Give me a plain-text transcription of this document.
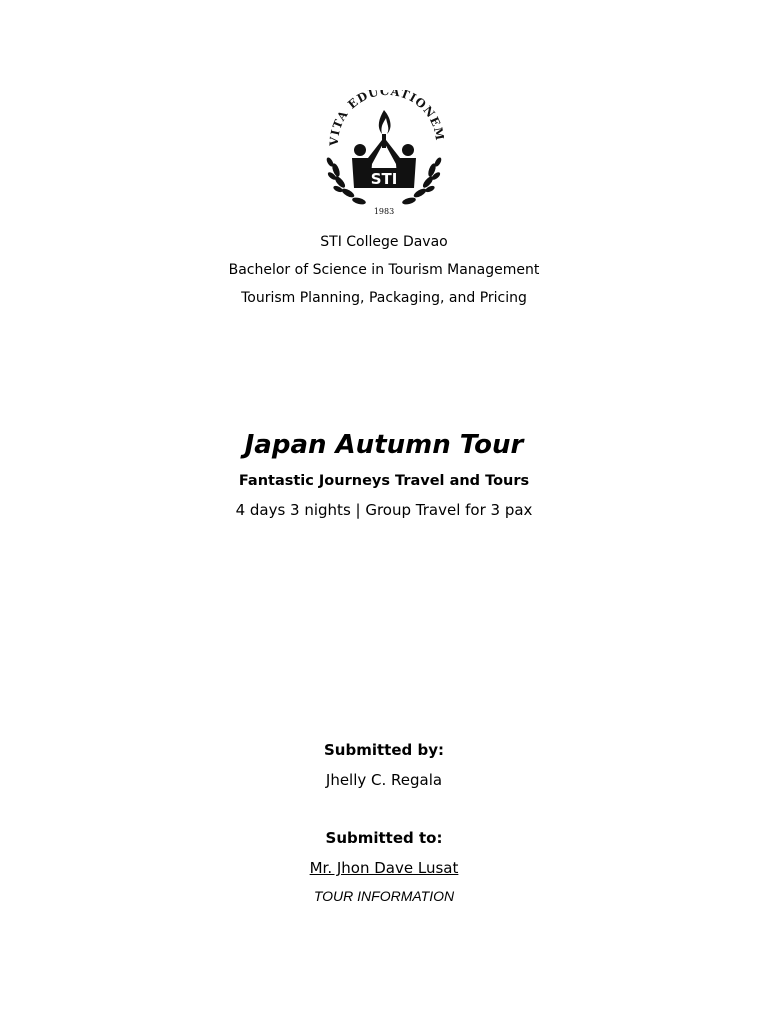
VITA EDUCATIONE
STI
1983
STI College Davao
Bachelor of Science in Tourism Management
Tourism Planning, Packaging, and Pricing
Japan Autumn Tour
Fantastic Journeys Travel and Tours
4 days 3 nights | Group Travel for 3 pax
Submitted by:
Jhelly C. Regala
Submitted to:
Mr. Jhon Dave Lusat
TOUR INFORMATION
